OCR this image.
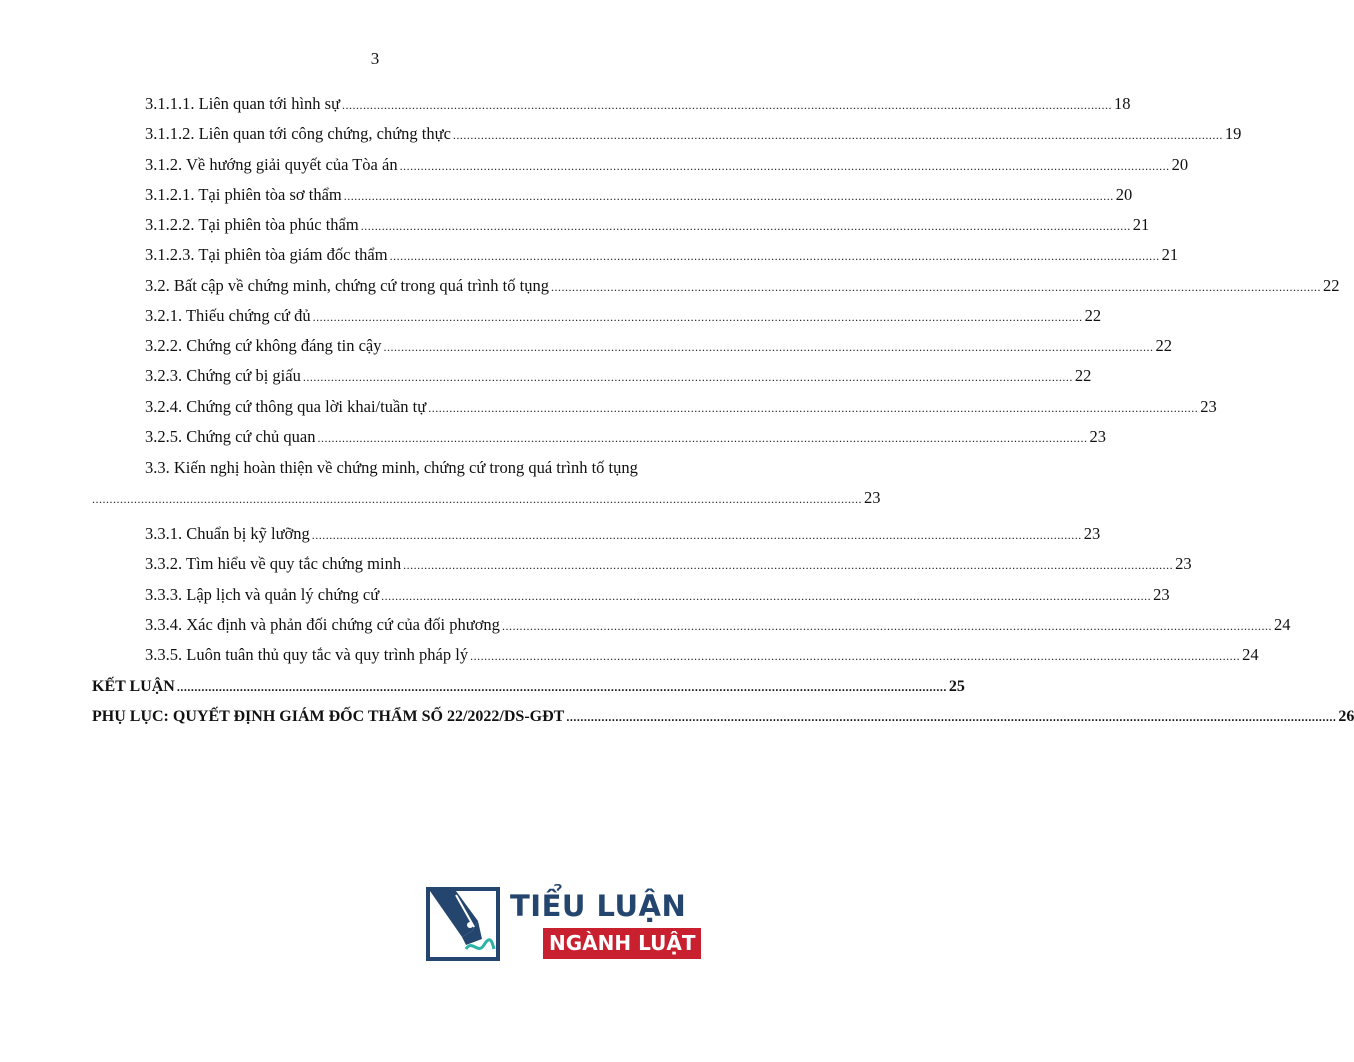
3
3.1.1.1. Liên quan tới hình sự ............................................................................................................................................................................................................................ 18
3.1.1.2. Liên quan tới công chứng, chứng thực ............................................................................................................................................................................................................................ 19
3.1.2. Về hướng giải quyết của Tòa án ............................................................................................................................................................................................................................ 20
3.1.2.1. Tại phiên tòa sơ thẩm ............................................................................................................................................................................................................................ 20
3.1.2.2. Tại phiên tòa phúc thẩm ............................................................................................................................................................................................................................ 21
3.1.2.3. Tại phiên tòa giám đốc thẩm ............................................................................................................................................................................................................................ 21
3.2. Bất cập về chứng minh, chứng cứ trong quá trình tố tụng ............................................................................................................................................................................................................................ 22
3.2.1. Thiếu chứng cứ đủ ............................................................................................................................................................................................................................ 22
3.2.2. Chứng cứ không đáng tin cậy ............................................................................................................................................................................................................................ 22
3.2.3. Chứng cứ bị giấu ............................................................................................................................................................................................................................ 22
3.2.4. Chứng cứ thông qua lời khai/tuần tự ............................................................................................................................................................................................................................ 23
3.2.5. Chứng cứ chủ quan ............................................................................................................................................................................................................................ 23
3.3. Kiến nghị hoàn thiện về chứng minh, chứng cứ trong quá trình tố tụng
............................................................................................................................................................................................................................ 23
3.3.1. Chuẩn bị kỹ lưỡng ............................................................................................................................................................................................................................ 23
3.3.2. Tìm hiểu về quy tắc chứng minh ............................................................................................................................................................................................................................ 23
3.3.3. Lập lịch và quản lý chứng cứ ............................................................................................................................................................................................................................ 23
3.3.4. Xác định và phản đối chứng cứ của đối phương ............................................................................................................................................................................................................................ 24
3.3.5. Luôn tuân thủ quy tắc và quy trình pháp lý ............................................................................................................................................................................................................................ 24
KẾT LUẬN ............................................................................................................................................................................................................................ 25
PHỤ LỤC: QUYẾT ĐỊNH GIÁM ĐỐC THẨM SỐ 22/2022/DS-GĐT ............................................................................................................................................................................................................................ 26
TIỂU LUẬN
NGÀNH LUẬT
